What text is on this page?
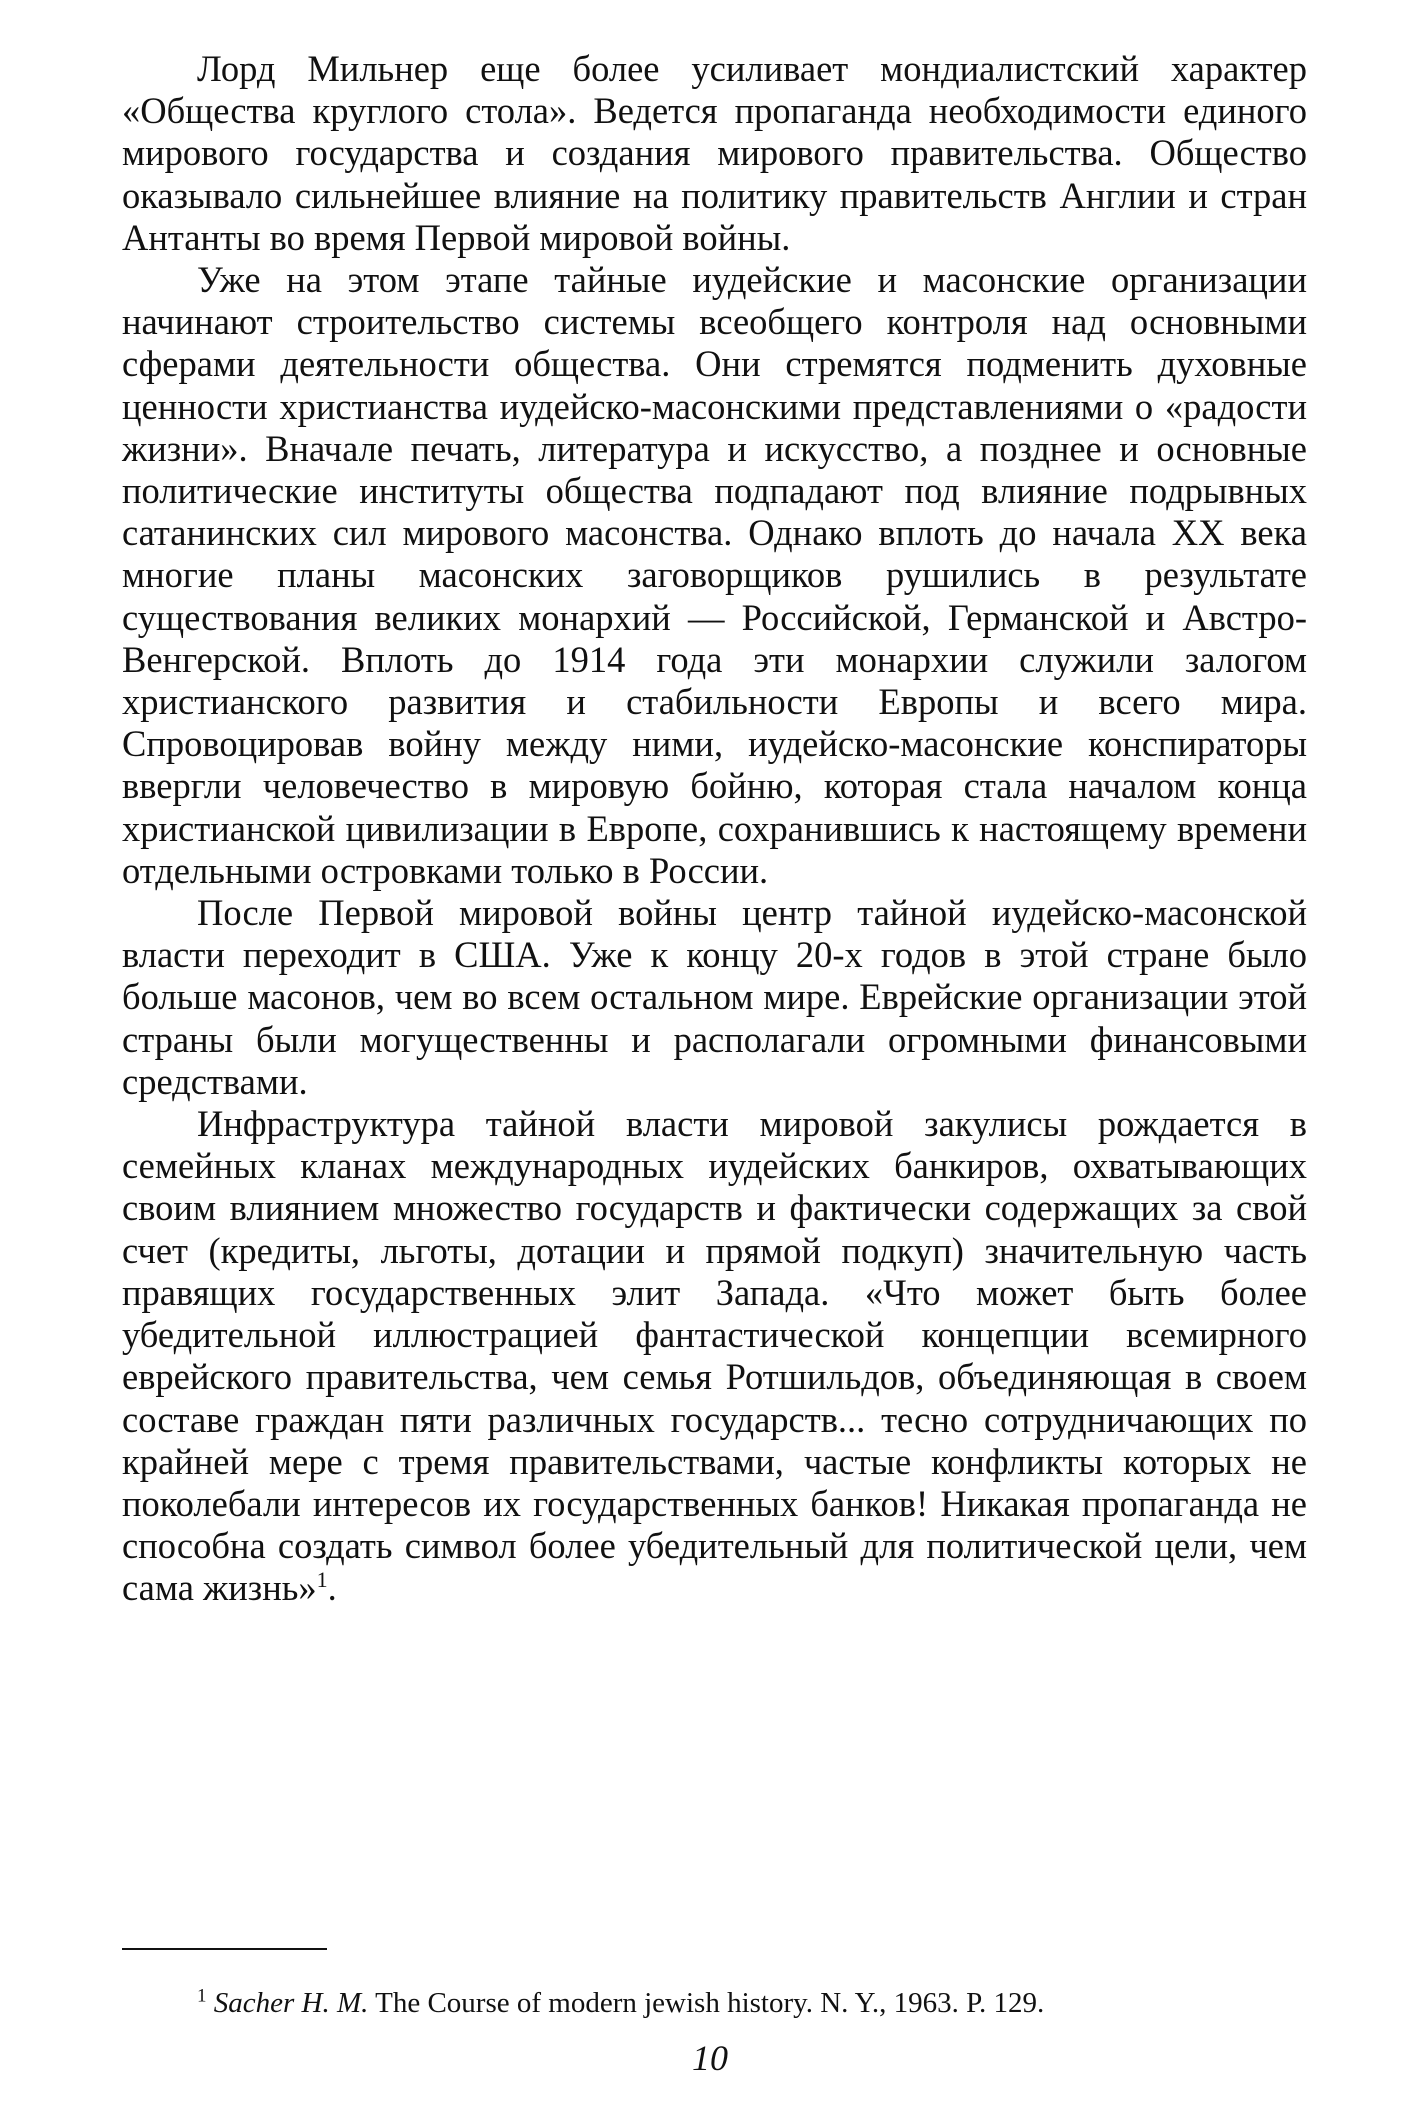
Лорд Мильнер еще более усиливает мондиалистский характер «Общества круглого стола». Ведется пропаганда необходимости единого мирового государства и создания мирового правительства. Общество оказывало сильнейшее влияние на политику правительств Англии и стран Антанты во время Первой мировой войны.

Уже на этом этапе тайные иудейские и масонские организации начинают строительство системы всеобщего контроля над основными сферами деятельности общества. Они стремятся подменить духовные ценности христианства иудейско-масонскими представлениями о «радости жизни». Вначале печать, литература и искусство, а позднее и основные политические институты общества подпадают под влияние подрывных сатанинских сил мирового масонства. Однако вплоть до начала XX века многие планы масонских заговорщиков рушились в результате существования великих монархий — Российской, Германской и Австро-Венгерской. Вплоть до 1914 года эти монархии служили залогом христианского развития и стабильности Европы и всего мира. Спровоцировав войну между ними, иудейско-масонские конспираторы ввергли человечество в мировую бойню, которая стала началом конца христианской цивилизации в Европе, сохранившись к настоящему времени отдельными островками только в России.

После Первой мировой войны центр тайной иудейско-масонской власти переходит в США. Уже к концу 20-х годов в этой стране было больше масонов, чем во всем остальном мире. Еврейские организации этой страны были могущественны и располагали огромными финансовыми средствами.

Инфраструктура тайной власти мировой закулисы рождается в семейных кланах международных иудейских банкиров, охватывающих своим влиянием множество государств и фактически содержащих за свой счет (кредиты, льготы, дотации и прямой подкуп) значительную часть правящих государственных элит Запада. «Что может быть более убедительной иллюстрацией фантастической концепции всемирного еврейского правительства, чем семья Ротшильдов, объединяющая в своем составе граждан пяти различных государств... тесно сотрудничающих по крайней мере с тремя правительствами, частые конфликты которых не поколебали интересов их государственных банков! Никакая пропаганда не способна создать символ более убедительный для политической цели, чем сама жизнь»$^1$.

$^1$ Sacher H. M. The Course of modern jewish history. N. Y., 1963. P. 129.

10
